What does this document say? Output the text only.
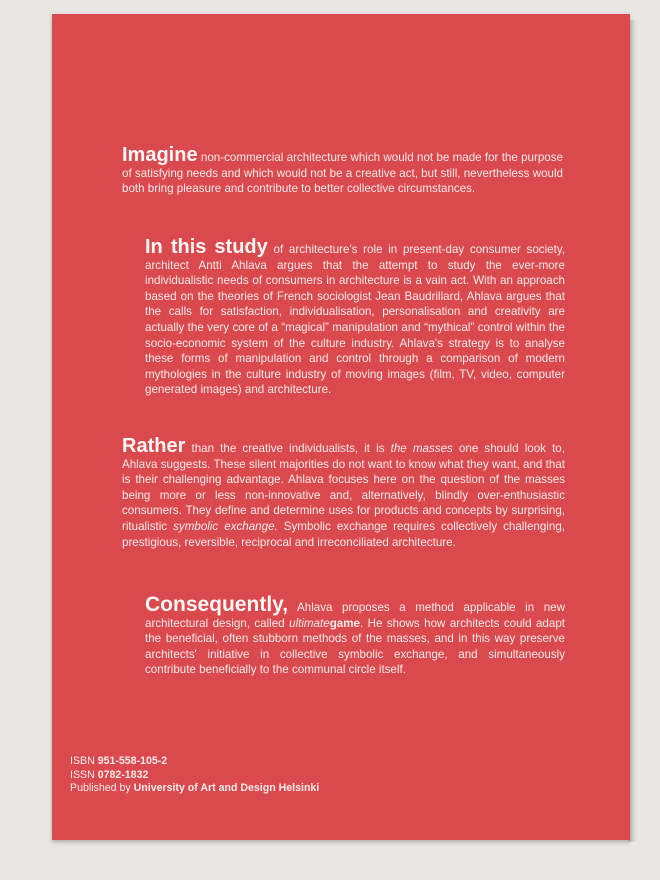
Imagine non-commercial architecture which would not be made for the purpose of satisfying needs and which would not be a creative act, but still, nevertheless would both bring pleasure and contribute to better collective circumstances.
In this study of architecture's role in present-day consumer society, architect Antti Ahlava argues that the attempt to study the ever-more individualistic needs of consumers in architecture is a vain act. With an approach based on the theories of French sociologist Jean Baudrillard, Ahlava argues that the calls for satisfaction, individualisation, personalisation and creativity are actually the very core of a “magical” manipulation and “mythical” control within the socio-economic system of the culture industry. Ahlava's strategy is to analyse these forms of manipulation and control through a comparison of modern mythologies in the culture industry of moving images (film, TV, video, computer generated images) and architecture.
Rather than the creative individualists, it is the masses one should look to, Ahlava suggests. These silent majorities do not want to know what they want, and that is their challenging advantage. Ahlava focuses here on the question of the masses being more or less non-innovative and, alternatively, blindly over-enthusiastic consumers. They define and determine uses for products and concepts by surprising, ritualistic symbolic exchange. Symbolic exchange requires collectively challenging, prestigious, reversible, reciprocal and irreconciliated architecture.
Consequently, Ahlava proposes a method applicable in new architectural design, called ultimategame. He shows how architects could adapt the beneficial, often stubborn methods of the masses, and in this way preserve architects' initiative in collective symbolic exchange, and simultaneously contribute beneficially to the communal circle itself.
ISBN 951-558-105-2
ISSN 0782-1832
Published by University of Art and Design Helsinki
